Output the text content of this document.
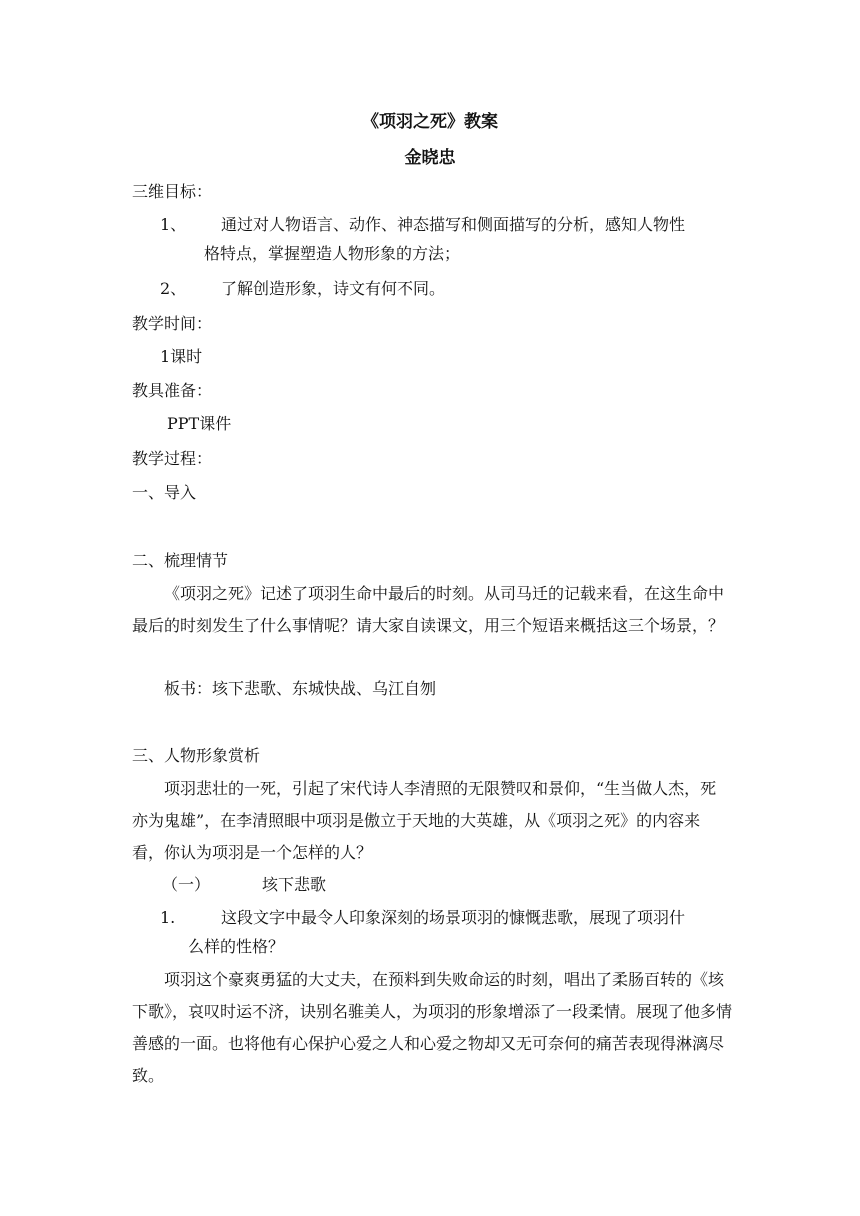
《项羽之死》教案
金晓忠
三维目标：
1、 通过对人物语言、动作、神态描写和侧面描写的分析，感知人物性
格特点，掌握塑造人物形象的方法；
2、 了解创造形象，诗文有何不同。
教学时间：
1课时
教具准备：
PPT课件
教学过程：
一、导入
二、梳理情节
《项羽之死》记述了项羽生命中最后的时刻。从司马迁的记载来看，在这生命中最后的时刻发生了什么事情呢？请大家自读课文，用三个短语来概括这三个场景，？
板书：垓下悲歌、东城快战、乌江自刎
三、人物形象赏析
项羽悲壮的一死，引起了宋代诗人李清照的无限赞叹和景仰，“生当做人杰，死亦为鬼雄”，在李清照眼中项羽是傲立于天地的大英雄，从《项羽之死》的内容来看，你认为项羽是一个怎样的人？
（一）	垓下悲歌
1.	这段文字中最令人印象深刻的场景项羽的慷慨悲歌，展现了项羽什
么样的性格？
项羽这个豪爽勇猛的大丈夫，在预料到失败命运的时刻，唱出了柔肠百转的《垓下歌》，哀叹时运不济，诀别名骓美人，为项羽的形象增添了一段柔情。展现了他多情善感的一面。也将他有心保护心爱之人和心爱之物却又无可奈何的痛苦表现得淋漓尽致。
